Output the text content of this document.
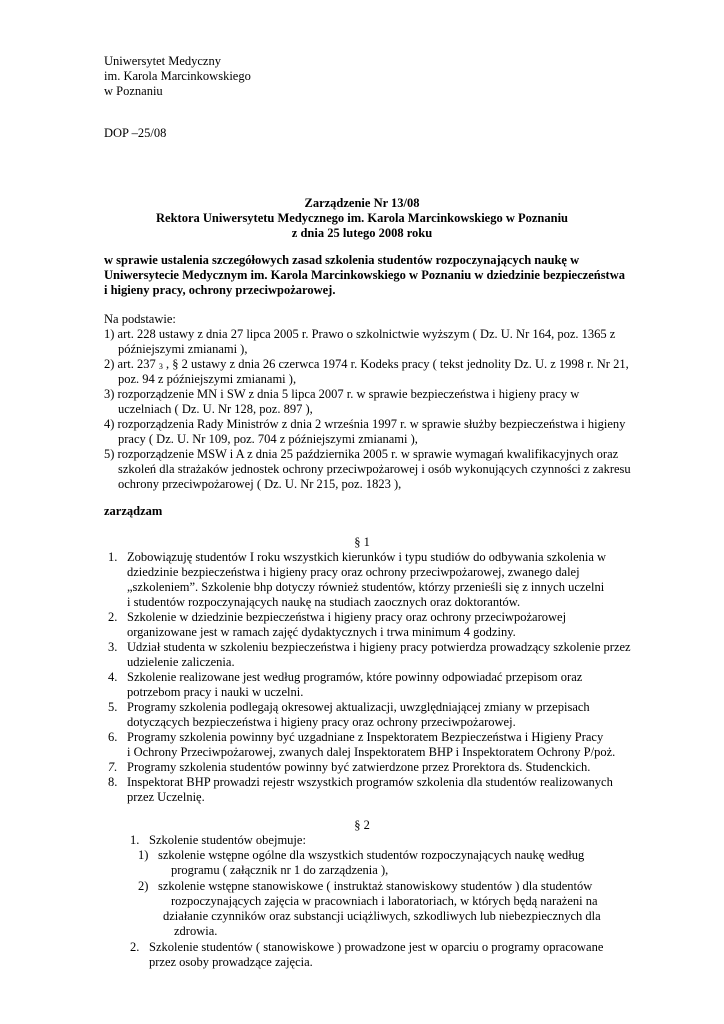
Uniwersytet Medyczny
im. Karola Marcinkowskiego
w Poznaniu
DOP –25/08
Zarządzenie Nr 13/08
Rektora Uniwersytetu Medycznego im. Karola Marcinkowskiego w Poznaniu
z dnia 25 lutego 2008 roku
w sprawie ustalenia szczegółowych zasad szkolenia studentów rozpoczynających naukę w
Uniwersytecie Medycznym im. Karola Marcinkowskiego w Poznaniu w dziedzinie bezpieczeństwa
i higieny pracy, ochrony przeciwpożarowej.
Na podstawie:
1) art. 228 ustawy z dnia 27 lipca 2005 r. Prawo o szkolnictwie wyższym ( Dz. U. Nr 164, poz. 1365 z
późniejszymi zmianami ),
2) art. 237 3 , § 2 ustawy z dnia 26 czerwca 1974 r. Kodeks pracy ( tekst jednolity Dz. U. z 1998 r. Nr 21,
poz. 94 z późniejszymi zmianami ),
3) rozporządzenie MN i SW z dnia 5 lipca 2007 r. w sprawie bezpieczeństwa i higieny pracy w
uczelniach ( Dz. U. Nr 128, poz. 897 ),
4) rozporządzenia Rady Ministrów z dnia 2 września 1997 r. w sprawie służby bezpieczeństwa i higieny
pracy ( Dz. U. Nr 109, poz. 704 z późniejszymi zmianami ),
5) rozporządzenie MSW i A z dnia 25 października 2005 r. w sprawie wymagań kwalifikacyjnych oraz
szkoleń dla strażaków jednostek ochrony przeciwpożarowej i osób wykonujących czynności z zakresu
ochrony przeciwpożarowej ( Dz. U. Nr 215, poz. 1823 ),
zarządzam
§ 1
1. Zobowiązuję studentów I roku wszystkich kierunków i typu studiów do odbywania szkolenia w
dziedzinie bezpieczeństwa i higieny pracy oraz ochrony przeciwpożarowej, zwanego dalej
„szkoleniem”. Szkolenie bhp dotyczy również studentów, którzy przenieśli się z innych uczelni
i studentów rozpoczynających naukę na studiach zaocznych oraz doktorantów.
2. Szkolenie w dziedzinie bezpieczeństwa i higieny pracy oraz ochrony przeciwpożarowej
organizowane jest w ramach zajęć dydaktycznych i trwa minimum 4 godziny.
3. Udział studenta w szkoleniu bezpieczeństwa i higieny pracy potwierdza prowadzący szkolenie przez
udzielenie zaliczenia.
4. Szkolenie realizowane jest według programów, które powinny odpowiadać przepisom oraz
potrzebom pracy i nauki w uczelni.
5. Programy szkolenia podlegają okresowej aktualizacji, uwzględniającej zmiany w przepisach
dotyczących bezpieczeństwa i higieny pracy oraz ochrony przeciwpożarowej.
6. Programy szkolenia powinny być uzgadniane z Inspektoratem Bezpieczeństwa i Higieny Pracy
i Ochrony Przeciwpożarowej, zwanych dalej Inspektoratem BHP i Inspektoratem Ochrony P/poż.
7. Programy szkolenia studentów powinny być zatwierdzone przez Prorektora ds. Studenckich.
8. Inspektorat BHP prowadzi rejestr wszystkich programów szkolenia dla studentów realizowanych
przez Uczelnię.
§ 2
1. Szkolenie studentów obejmuje:
1) szkolenie wstępne ogólne dla wszystkich studentów rozpoczynających naukę według
programu ( załącznik nr 1 do zarządzenia ),
2) szkolenie wstępne stanowiskowe ( instruktaż stanowiskowy studentów ) dla studentów
rozpoczynających zajęcia w pracowniach i laboratoriach, w których będą narażeni na
działanie czynników oraz substancji uciążliwych, szkodliwych lub niebezpiecznych dla
zdrowia.
2. Szkolenie studentów ( stanowiskowe ) prowadzone jest w oparciu o programy opracowane
przez osoby prowadzące zajęcia.
